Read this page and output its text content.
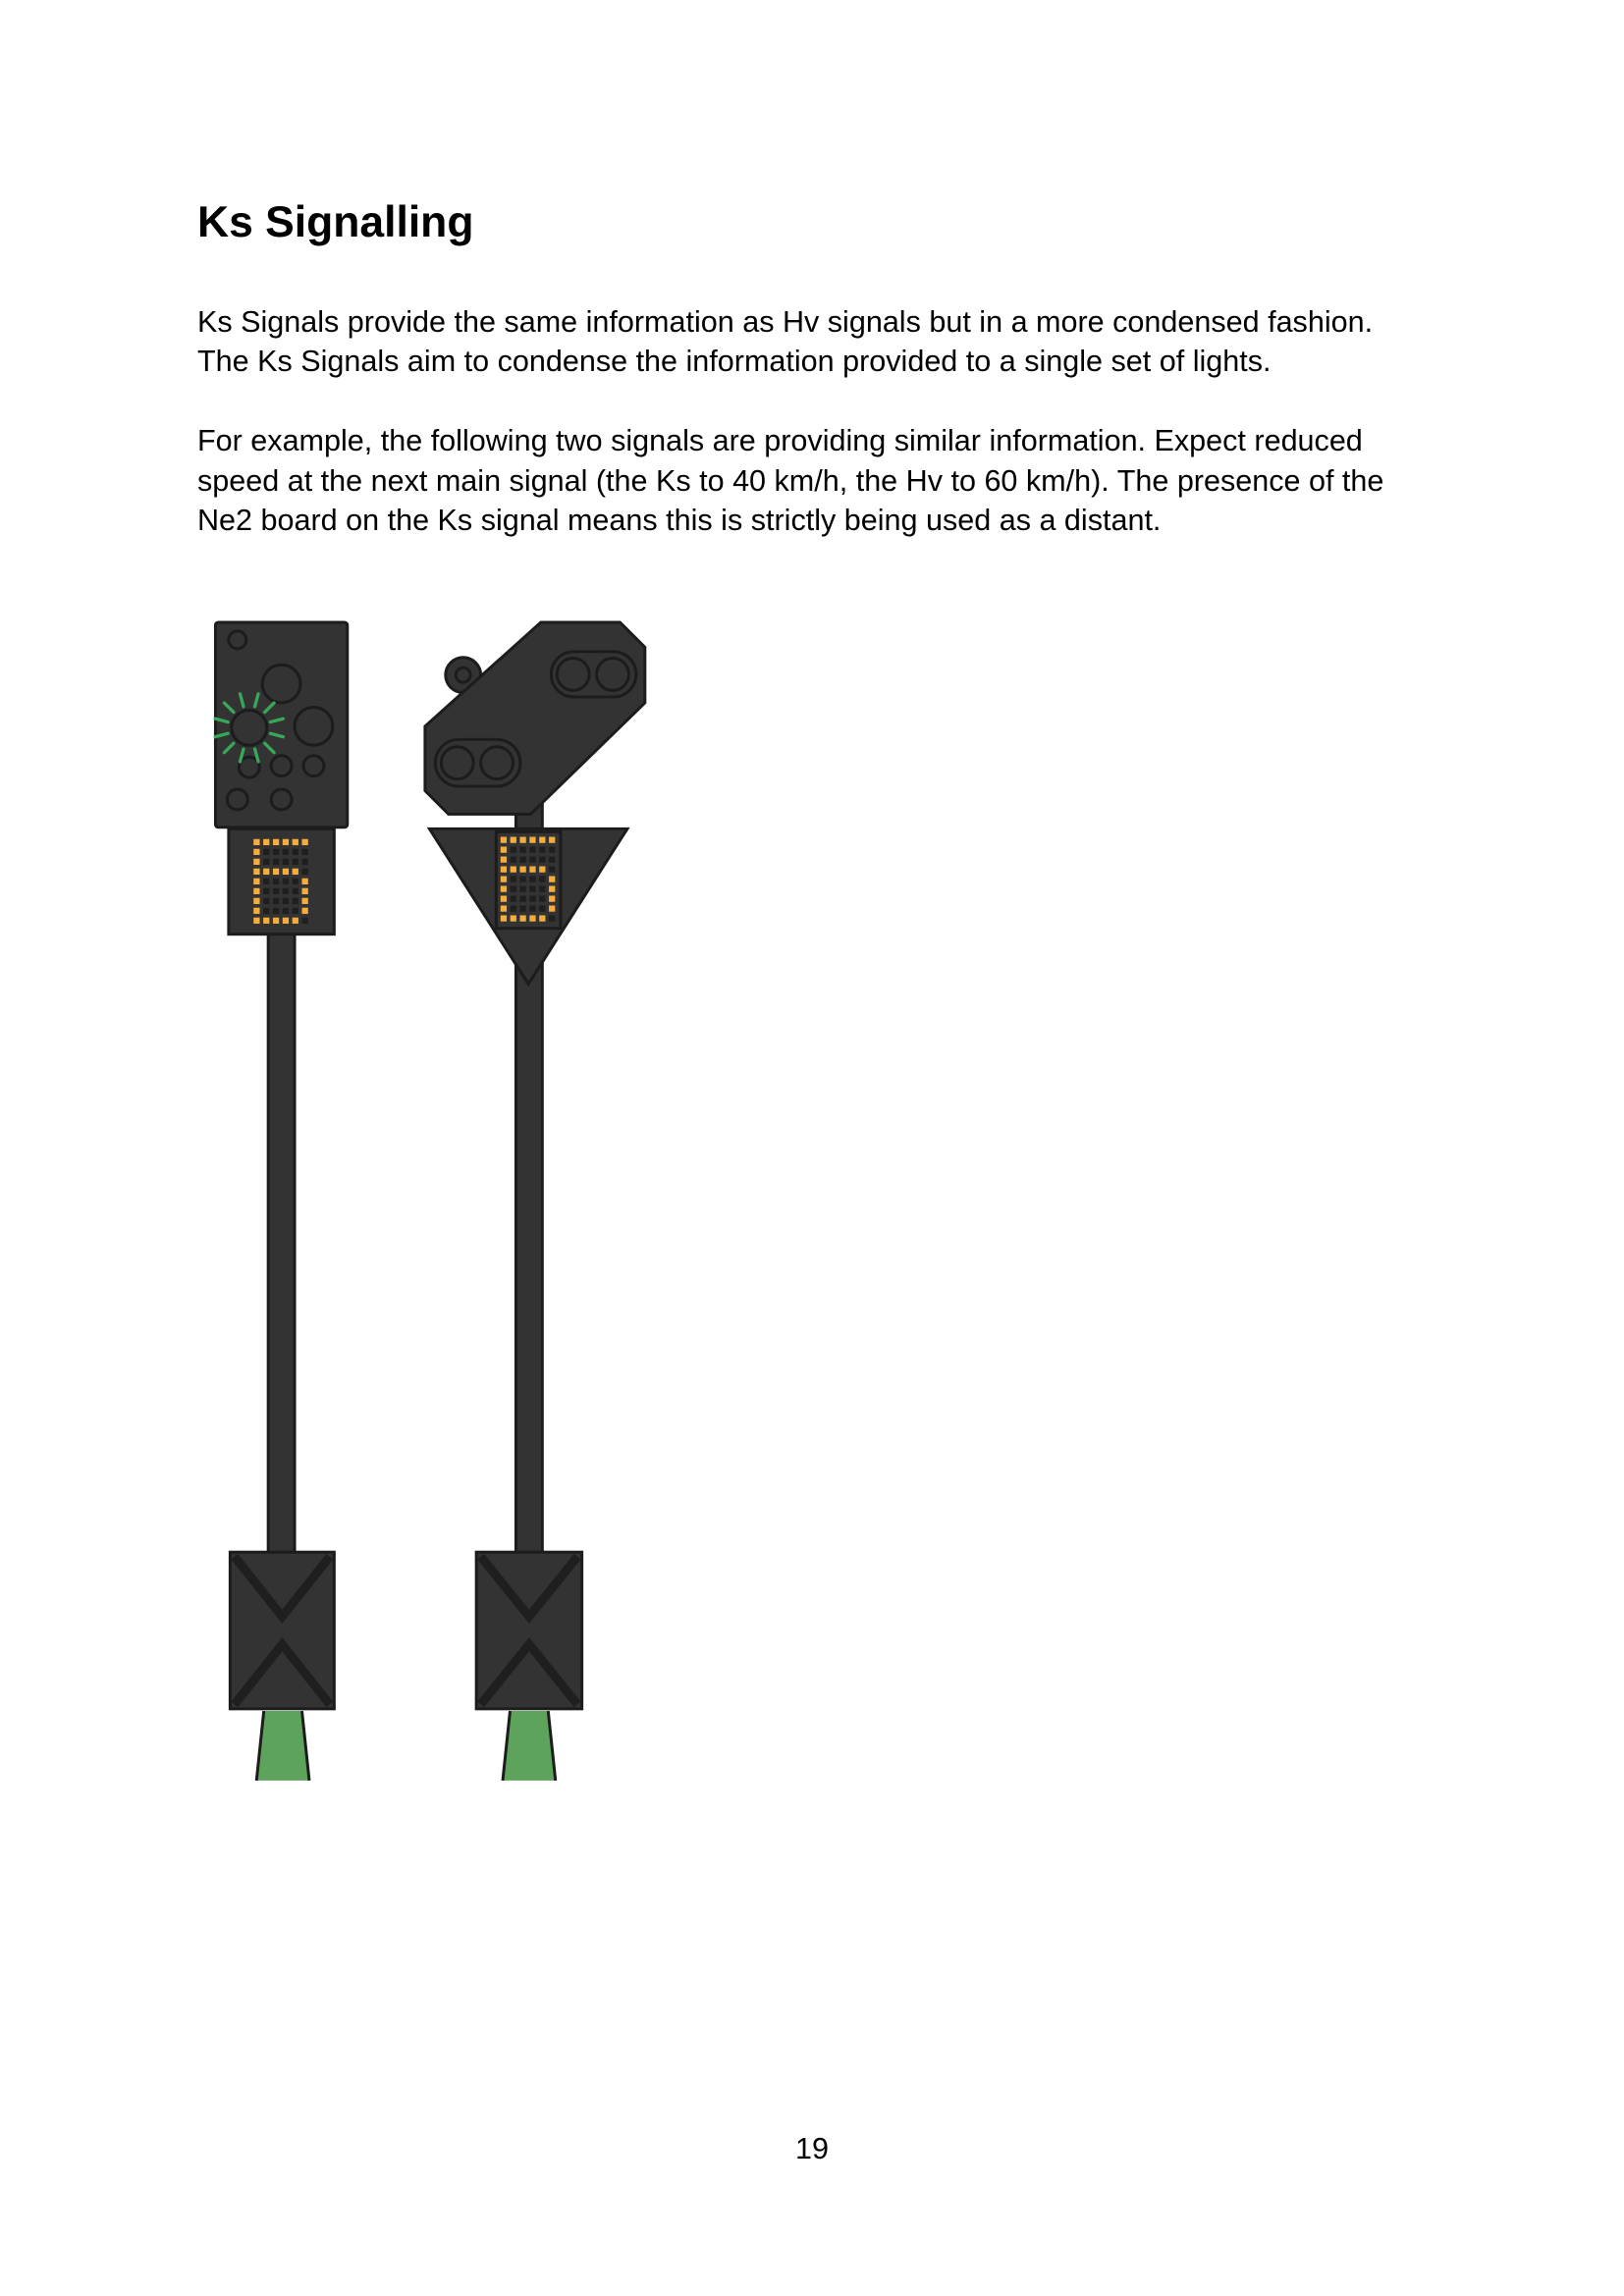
Ks Signalling
Ks Signals provide the same information as Hv signals but in a more condensed fashion.
The Ks Signals aim to condense the information provided to a single set of lights.
For example, the following two signals are providing similar information. Expect reduced
speed at the next main signal (the Ks to 40 km/h, the Hv to 60 km/h). The presence of the
Ne2 board on the Ks signal means this is strictly being used as a distant.
19
